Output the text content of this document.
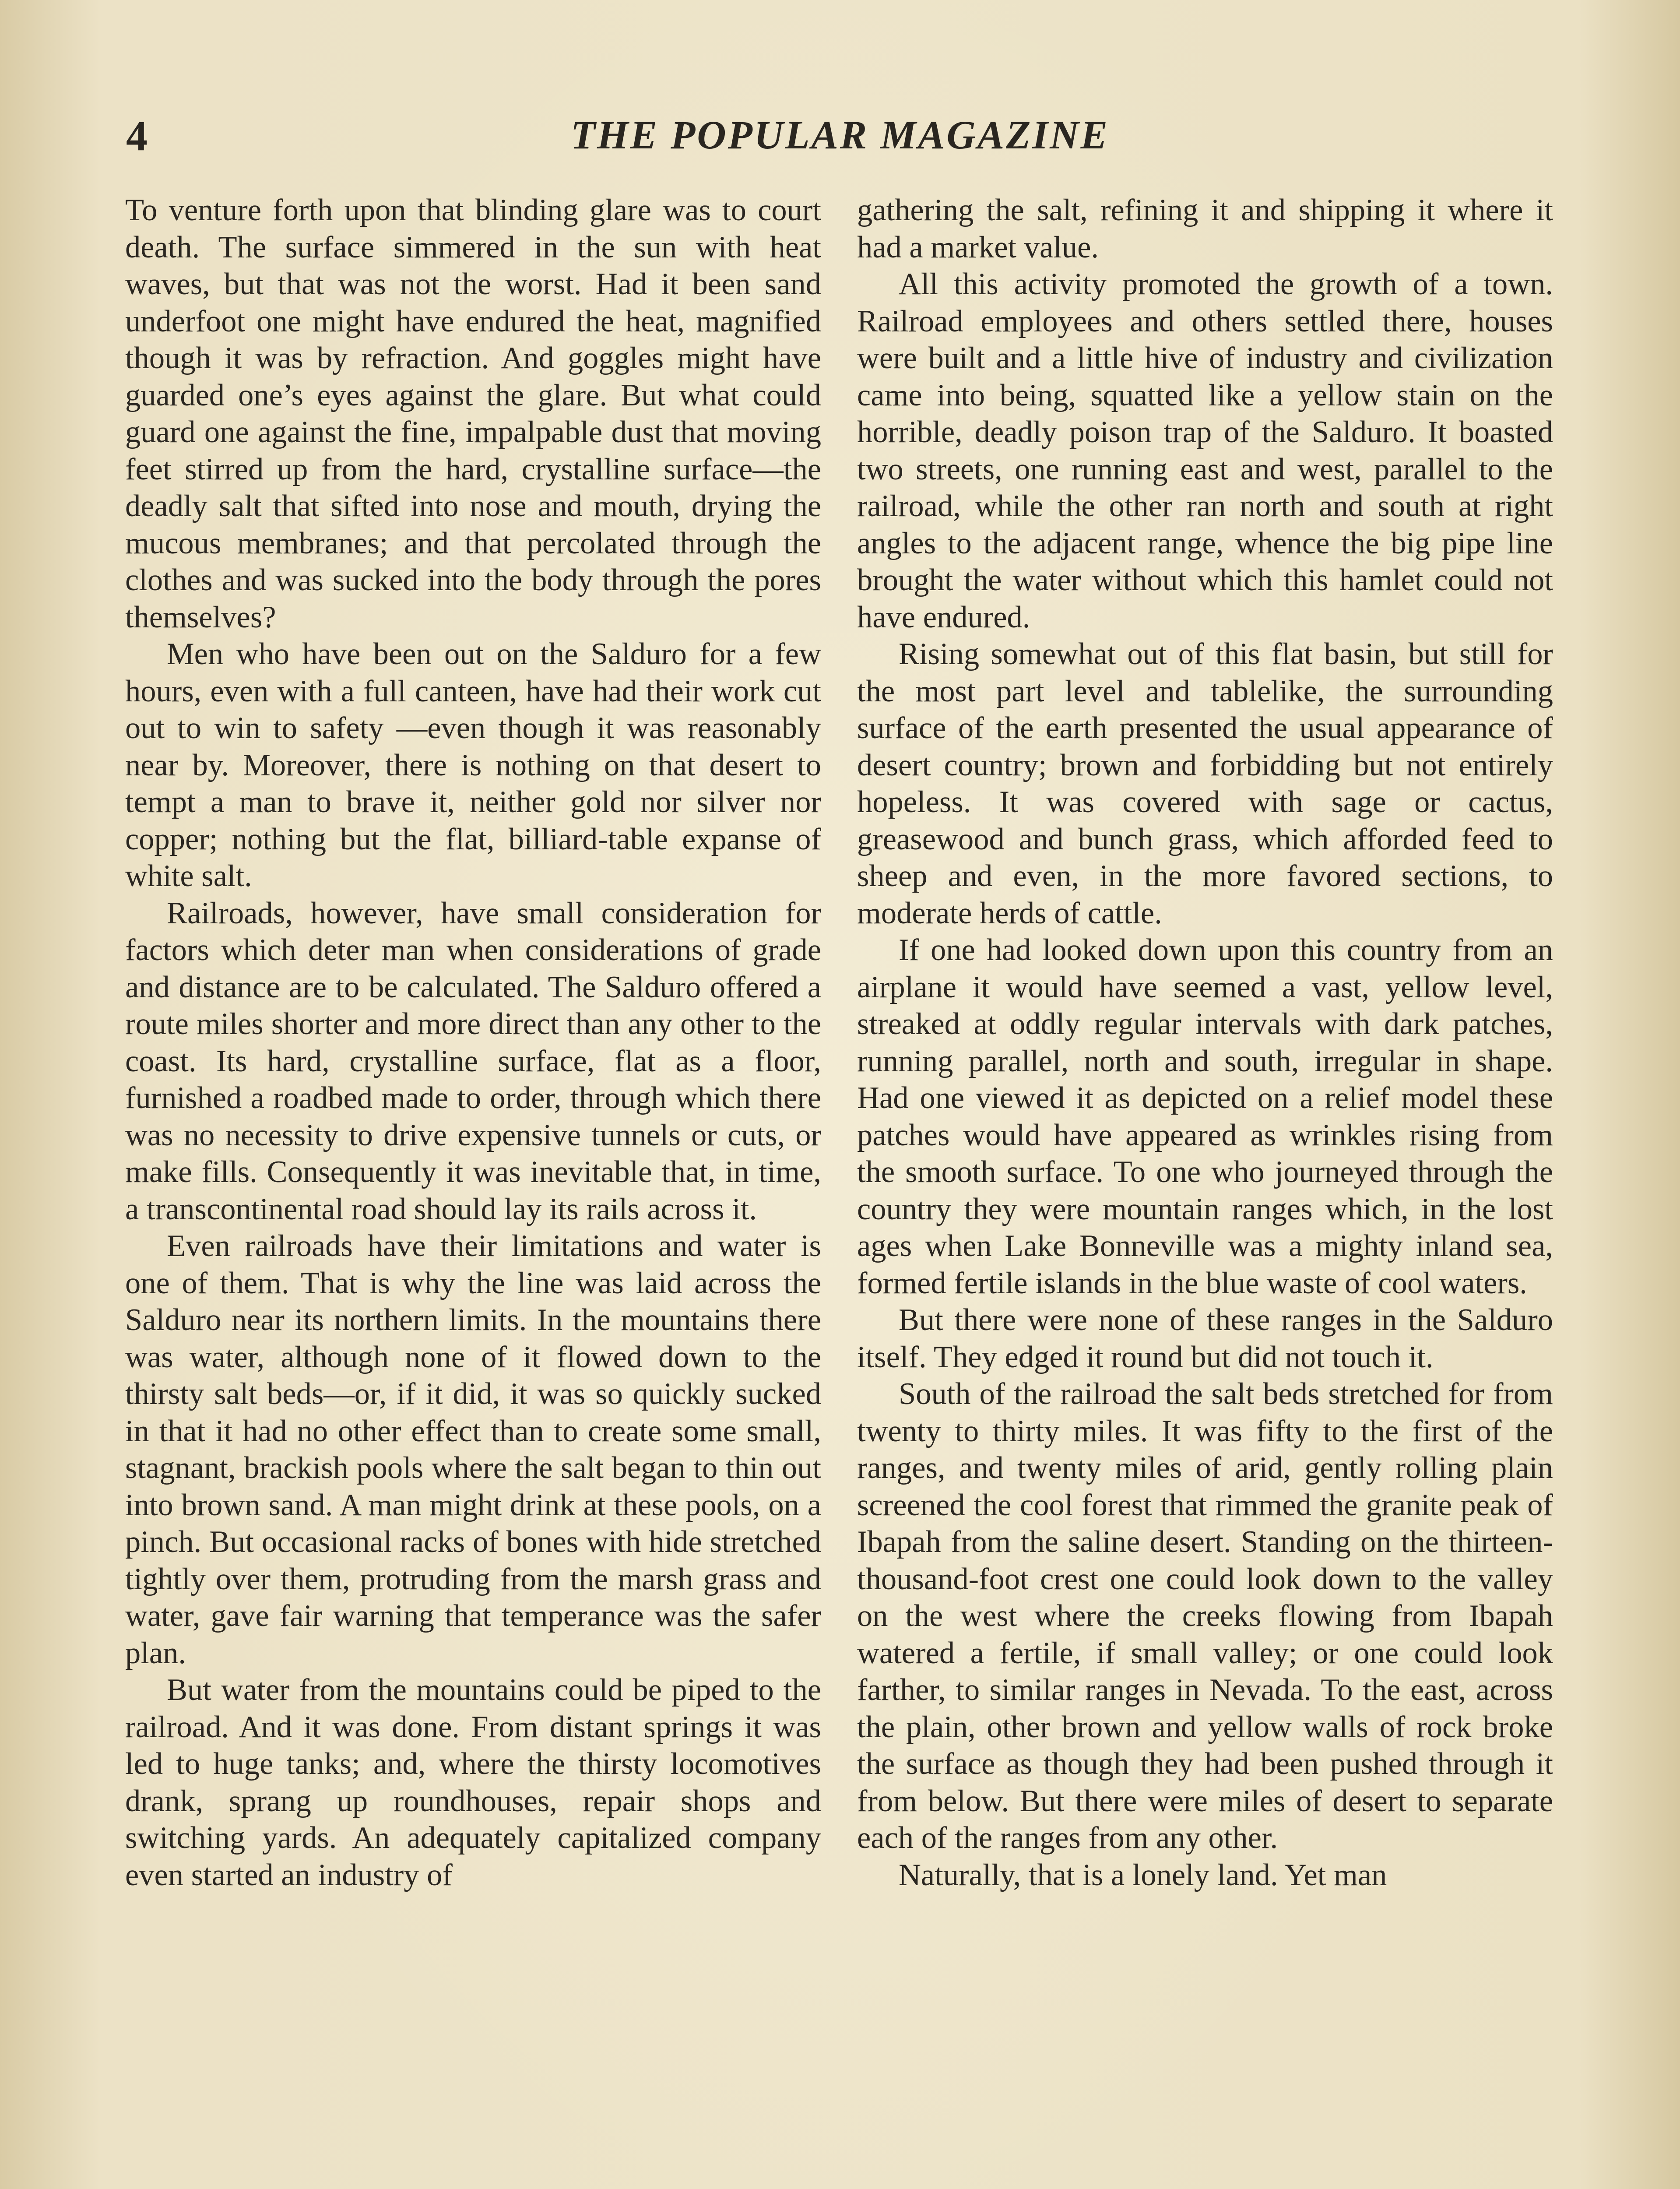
4	THE POPULAR MAGAZINE

To venture forth upon that blinding glare was to court death. The surface simmered in the sun with heat waves, but that was not the worst. Had it been sand underfoot one might have endured the heat, magnified though it was by refraction. And goggles might have guarded one’s eyes against the glare. But what could guard one against the fine, impalpable dust that moving feet stirred up from the hard, crystalline surface—the deadly salt that sifted into nose and mouth, drying the mucous membranes; and that percolated through the clothes and was sucked into the body through the pores themselves?

Men who have been out on the Salduro for a few hours, even with a full canteen, have had their work cut out to win to safety —even though it was reasonably near by. Moreover, there is nothing on that desert to tempt a man to brave it, neither gold nor silver nor copper; nothing but the flat, billiard-table expanse of white salt.

Railroads, however, have small consideration for factors which deter man when considerations of grade and distance are to be calculated. The Salduro offered a route miles shorter and more direct than any other to the coast. Its hard, crystalline surface, flat as a floor, furnished a roadbed made to order, through which there was no necessity to drive expensive tunnels or cuts, or make fills. Consequently it was inevitable that, in time, a transcontinental road should lay its rails across it.

Even railroads have their limitations and water is one of them. That is why the line was laid across the Salduro near its northern limits. In the mountains there was water, although none of it flowed down to the thirsty salt beds—or, if it did, it was so quickly sucked in that it had no other effect than to create some small, stagnant, brackish pools where the salt began to thin out into brown sand. A man might drink at these pools, on a pinch. But occasional racks of bones with hide stretched tightly over them, protruding from the marsh grass and water, gave fair warning that temperance was the safer plan.

But water from the mountains could be piped to the railroad. And it was done. From distant springs it was led to huge tanks; and, where the thirsty locomotives drank, sprang up roundhouses, repair shops and switching yards. An adequately capitalized company even started an industry of

gathering the salt, refining it and shipping it where it had a market value.

All this activity promoted the growth of a town. Railroad employees and others settled there, houses were built and a little hive of industry and civilization came into being, squatted like a yellow stain on the horrible, deadly poison trap of the Salduro. It boasted two streets, one running east and west, parallel to the railroad, while the other ran north and south at right angles to the adjacent range, whence the big pipe line brought the water without which this hamlet could not have endured.

Rising somewhat out of this flat basin, but still for the most part level and tablelike, the surrounding surface of the earth presented the usual appearance of desert country; brown and forbidding but not entirely hopeless. It was covered with sage or cactus, greasewood and bunch grass, which afforded feed to sheep and even, in the more favored sections, to moderate herds of cattle.

If one had looked down upon this country from an airplane it would have seemed a vast, yellow level, streaked at oddly regular intervals with dark patches, running parallel, north and south, irregular in shape. Had one viewed it as depicted on a relief model these patches would have appeared as wrinkles rising from the smooth surface. To one who journeyed through the country they were mountain ranges which, in the lost ages when Lake Bonneville was a mighty inland sea, formed fertile islands in the blue waste of cool waters.

But there were none of these ranges in the Salduro itself. They edged it round but did not touch it.

South of the railroad the salt beds stretched for from twenty to thirty miles. It was fifty to the first of the ranges, and twenty miles of arid, gently rolling plain screened the cool forest that rimmed the granite peak of Ibapah from the saline desert. Standing on the thirteen-thousand-foot crest one could look down to the valley on the west where the creeks flowing from Ibapah watered a fertile, if small valley; or one could look farther, to similar ranges in Nevada. To the east, across the plain, other brown and yellow walls of rock broke the surface as though they had been pushed through it from below. But there were miles of desert to separate each of the ranges from any other.

Naturally, that is a lonely land. Yet man
